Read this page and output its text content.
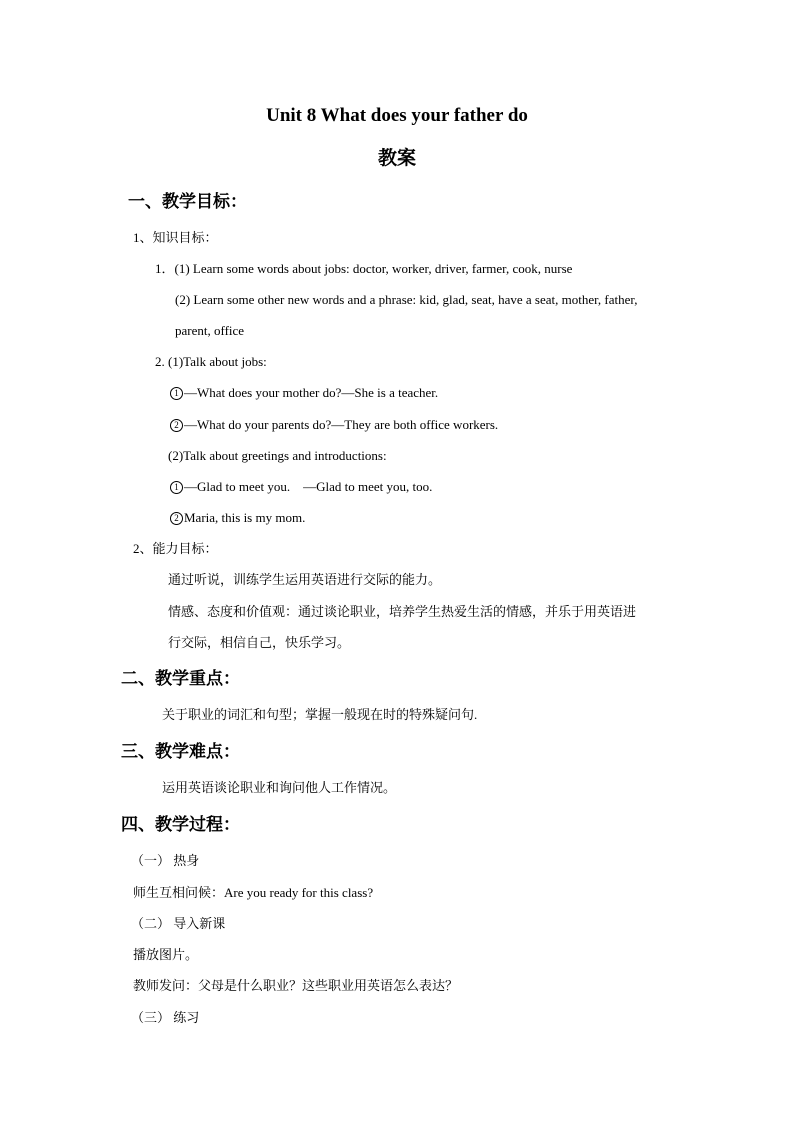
Unit 8 What does your father do
教案
一、教学目标：
1、知识目标：
1．(1) Learn some words about jobs: doctor, worker, driver, farmer, cook, nurse
(2) Learn some other new words and a phrase: kid, glad, seat, have a seat, mother, father,
parent, office
2. (1)Talk about jobs:
1 —What does your mother do?—She is a teacher.
2 —What do your parents do?—They are both office workers.
(2)Talk about greetings and introductions:
1 —Glad to meet you.    —Glad to meet you, too.
2 Maria, this is my mom.
2、能力目标：
通过听说，训练学生运用英语进行交际的能力。
情感、态度和价值观：通过谈论职业，培养学生热爱生活的情感，并乐于用英语进
行交际，相信自己，快乐学习。
二、教学重点：
关于职业的词汇和句型；掌握一般现在时的特殊疑问句.
三、教学难点：
运用英语谈论职业和询问他人工作情况。
四、教学过程：
（一） 热身
师生互相问候：Are you ready for this class?
（二） 导入新课
播放图片。
教师发问：父母是什么职业？这些职业用英语怎么表达？
（三） 练习
